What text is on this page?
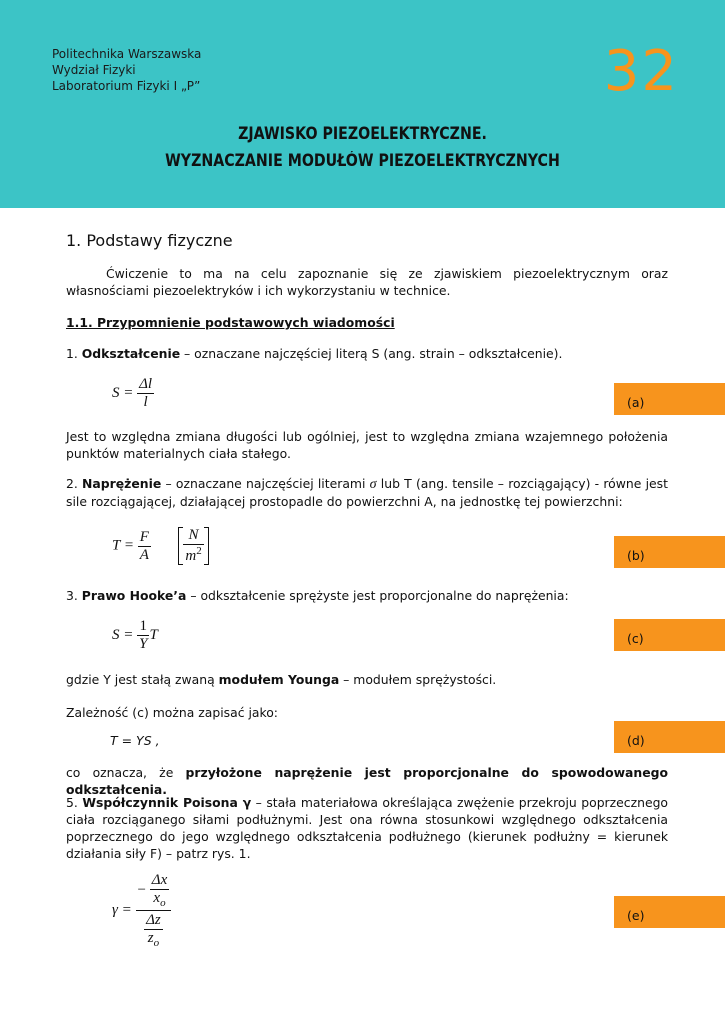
Politechnika Warszawska
Wydział Fizyki
Laboratorium Fizyki I „P”	32
ZJAWISKO PIEZOELEKTRYCZNE.
WYZNACZANIE MODUŁÓW PIEZOELEKTRYCZNYCH
1. Podstawy fizyczne
Ćwiczenie to ma na celu zapoznanie się ze zjawiskiem piezoelektrycznym oraz własnościami piezoelektryków i ich wykorzystaniu w technice.
1.1. Przypomnienie podstawowych wiadomości
1. Odkształcenie – oznaczane najczęściej literą S (ang. strain – odkształcenie).
$S = \frac{\Delta l}{l}$	(a)
Jest to względna zmiana długości lub ogólniej, jest to względna zmiana wzajemnego położenia punktów materialnych ciała stałego.
2. Naprężenie – oznaczane najczęściej literami σ lub T (ang. tensile – rozciągający) - równe jest sile rozciągającej, działającej prostopadle do powierzchni A, na jednostkę tej powierzchni:
$T = \frac{F}{A}$
$\frac{N}{m^2}$	(b)
3. Prawo Hooke’a – odkształcenie sprężyste jest proporcjonalne do naprężenia:
$S = \frac{1}{Y}$ T	(c)
gdzie Y jest stałą zwaną modułem Younga – modułem sprężystości.
Zależność (c) można zapisać jako:
T = YS ,	(d)
co oznacza, że przyłożone naprężenie jest proporcjonalne do spowodowanego odkształcenia.
5. Współczynnik Poisona γ – stała materiałowa określająca zwężenie przekroju poprzecznego ciała rozciąganego siłami podłużnymi. Jest ona równa stosunkowi względnego odkształcenia poprzecznego do jego względnego odkształcenia podłużnego (kierunek podłużny = kierunek działania siły F) – patrz rys. 1.
γ =
− $\frac{\Delta x}{x_o}$
$\frac{\Delta z}{z_o}$	(e)
